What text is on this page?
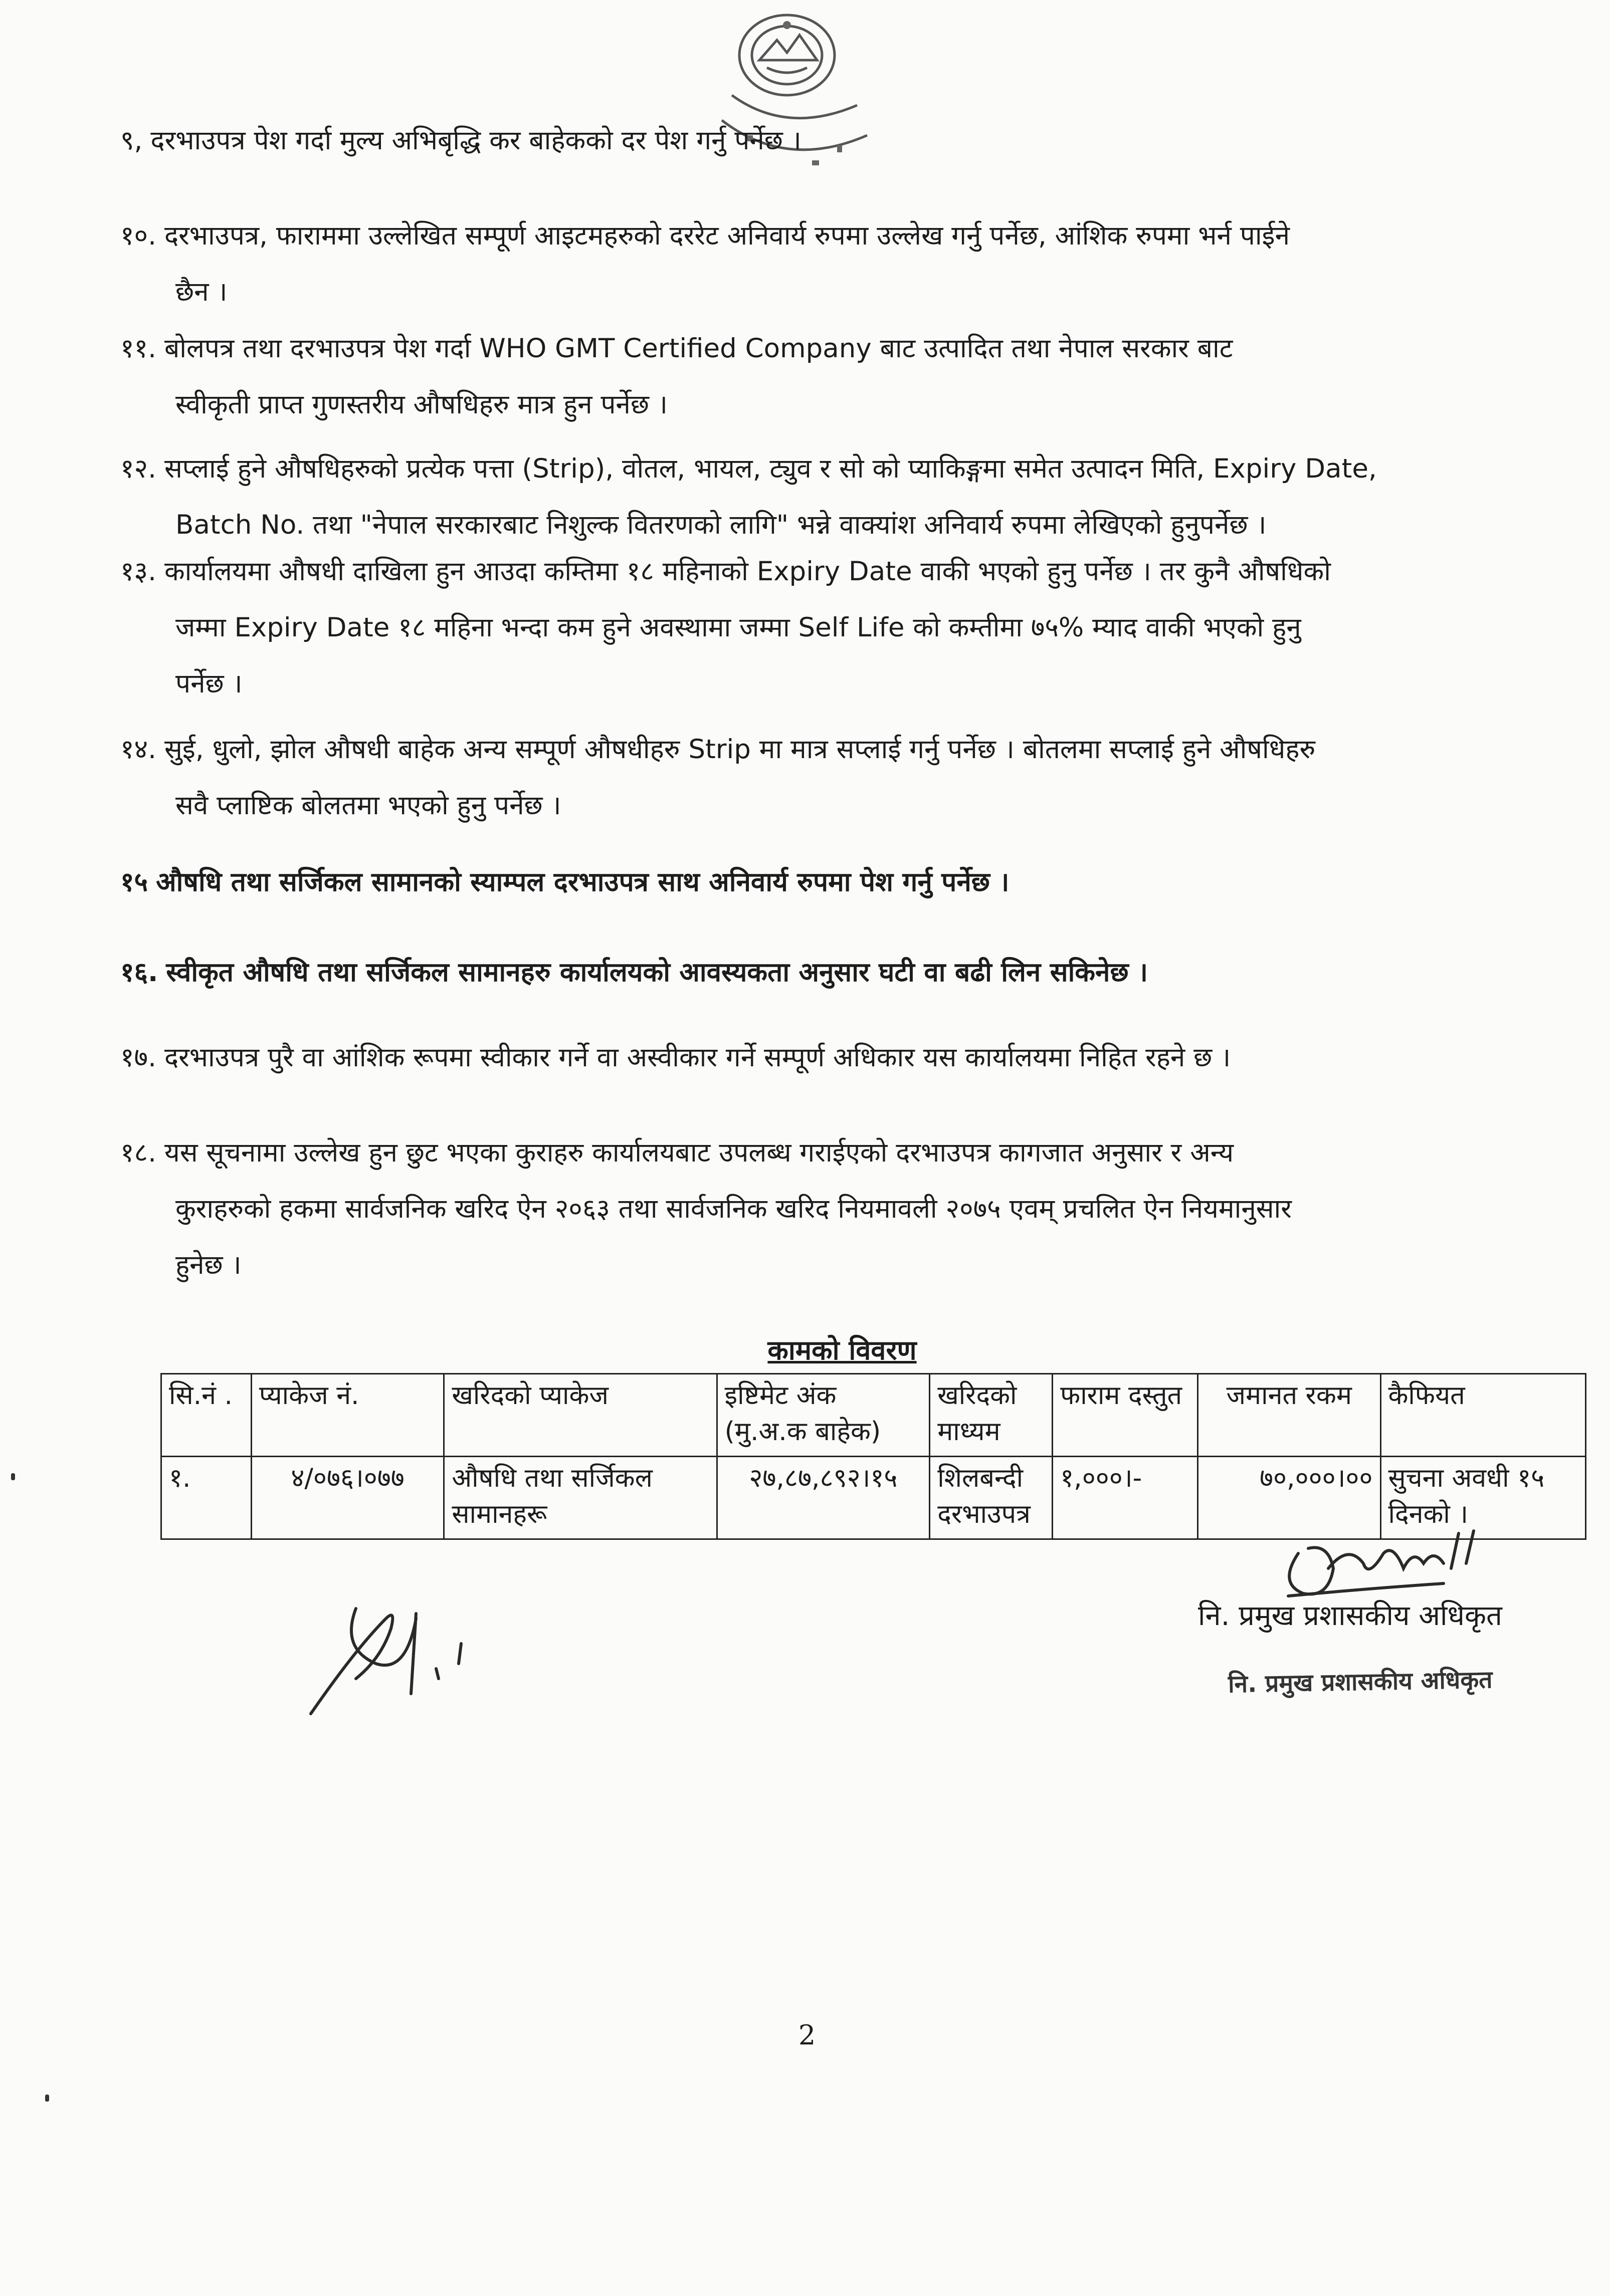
९, दरभाउपत्र पेश गर्दा मुल्य अभिबृद्धि कर बाहेकको दर पेश गर्नु पर्नेछ ।
१०. दरभाउपत्र, फाराममा उल्लेखित सम्पूर्ण आइटमहरुको दररेट अनिवार्य रुपमा उल्लेख गर्नु पर्नेछ, आंशिक रुपमा भर्न पाईने
छैन ।
११. बोलपत्र तथा दरभाउपत्र पेश गर्दा WHO GMT Certified Company बाट उत्पादित तथा नेपाल सरकार बाट
स्वीकृती प्राप्त गुणस्तरीय औषधिहरु मात्र हुन पर्नेछ ।
१२. सप्लाई हुने औषधिहरुको प्रत्येक पत्ता (Strip), वोतल, भायल, ट्युव र सो को प्याकिङ्गमा समेत उत्पादन मिति, Expiry Date,
Batch No. तथा "नेपाल सरकारबाट निशुल्क वितरणको लागि" भन्ने वाक्यांश अनिवार्य रुपमा लेखिएको हुनुपर्नेछ ।
१३. कार्यालयमा औषधी दाखिला हुन आउदा कम्तिमा १८ महिनाको Expiry Date वाकी भएको हुनु पर्नेछ । तर कुनै औषधिको
जम्मा Expiry Date १८ महिना भन्दा कम हुने अवस्थामा जम्मा Self Life को कम्तीमा ७५% म्याद वाकी भएको हुनु
पर्नेछ ।
१४. सुई, धुलो, झोल औषधी बाहेक अन्य सम्पूर्ण औषधीहरु Strip मा मात्र सप्लाई गर्नु पर्नेछ । बोतलमा सप्लाई हुने औषधिहरु
सवै प्लाष्टिक बोलतमा भएको हुनु पर्नेछ ।
१५ औषधि तथा सर्जिकल सामानको स्याम्पल दरभाउपत्र साथ अनिवार्य रुपमा पेश गर्नु पर्नेछ ।
१६. स्वीकृत औषधि तथा सर्जिकल सामानहरु कार्यालयको आवस्यकता अनुसार घटी वा बढी लिन सकिनेछ ।
१७. दरभाउपत्र पुरै वा आंशिक रूपमा स्वीकार गर्ने वा अस्वीकार गर्ने सम्पूर्ण अधिकार यस कार्यालयमा निहित रहने छ ।
१८. यस सूचनामा उल्लेख हुन छुट भएका कुराहरु कार्यालयबाट उपलब्ध गराईएको दरभाउपत्र कागजात अनुसार र अन्य
कुराहरुको हकमा सार्वजनिक खरिद ऐन २०६३ तथा सार्वजनिक खरिद नियमावली २०७५ एवम् प्रचलित ऐन नियमानुसार
हुनेछ ।
कामको विवरण
सि.नं .	प्याकेज नं.	खरिदको प्याकेज	इष्टिमेट अंक (मु.अ.क बाहेक)	खरिदको माध्यम	फाराम दस्तुत	जमानत रकम	कैफियत
१.	४/०७६।०७७	औषधि तथा सर्जिकल सामानहरू	२७,८७,८९२।१५	शिलबन्दी दरभाउपत्र	१,०००।-	७०,०००।००	सुचना अवधी १५ दिनको ।
नि. प्रमुख प्रशासकीय अधिकृत
नि. प्रमुख प्रशासकीय अधिकृत
2
